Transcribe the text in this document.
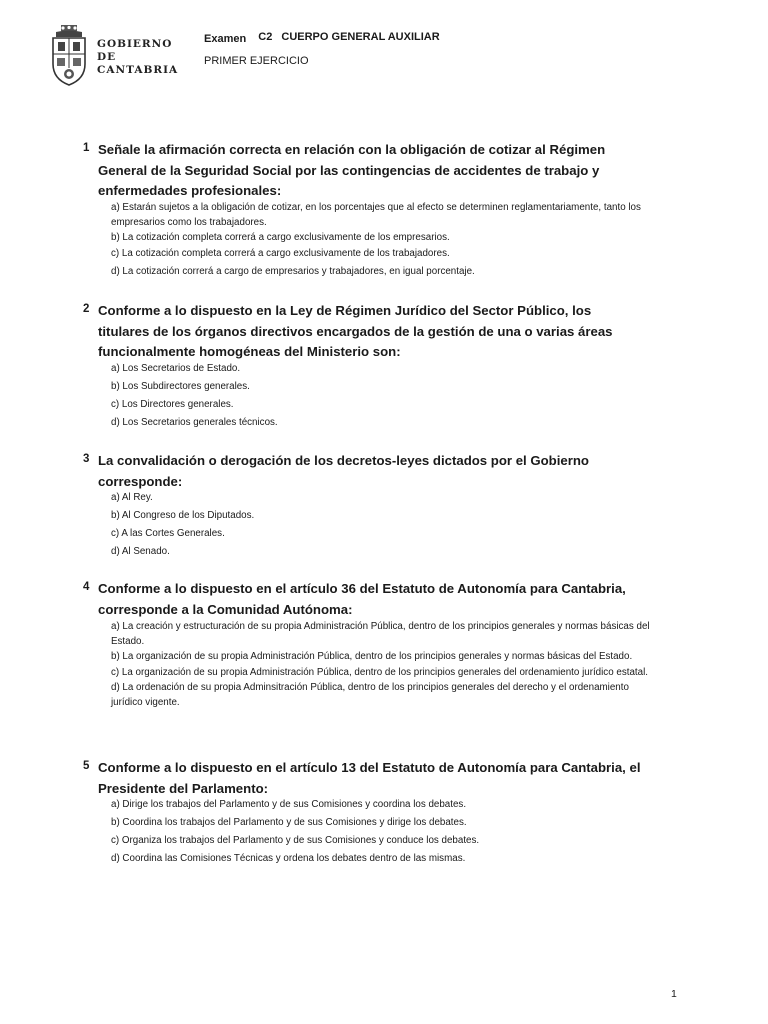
GOBIERNO
DE
CANTABRIA
Examen C2 CUERPO GENERAL AUXILIAR
PRIMER EJERCICIO
1 Señale la afirmación correcta en relación con la obligación de cotizar al Régimen General de la Seguridad Social por las contingencias de accidentes de trabajo y enfermedades profesionales:
a) Estarán sujetos a la obligación de cotizar, en los porcentajes que al efecto se determinen reglamentariamente, tanto los empresarios como los trabajadores.
b) La cotización completa correrá a cargo exclusivamente de los empresarios.
c) La cotización completa correrá a cargo exclusivamente de los trabajadores.
d) La cotización correrá a cargo de empresarios y trabajadores, en igual porcentaje.
2 Conforme a lo dispuesto en la Ley de Régimen Jurídico del Sector Público, los titulares de los órganos directivos encargados de la gestión de una o varias áreas funcionalmente homogéneas del Ministerio son:
a) Los Secretarios de Estado.
b) Los Subdirectores generales.
c) Los Directores generales.
d) Los Secretarios generales técnicos.
3 La convalidación o derogación de los decretos-leyes dictados por el Gobierno corresponde:
a) Al Rey.
b) Al Congreso de los Diputados.
c) A las Cortes Generales.
d) Al Senado.
4 Conforme a lo dispuesto en el artículo 36 del Estatuto de Autonomía para Cantabria, corresponde a la Comunidad Autónoma:
a) La creación y estructuración de su propia Administración Pública, dentro de los principios generales y normas básicas del Estado.
b) La organización de su propia Administración Pública, dentro de los principios generales y normas básicas del Estado.
c) La organización de su propia Administración Pública, dentro de los principios generales del ordenamiento jurídico estatal.
d) La ordenación de su propia Adminsitración Pública, dentro de los principios generales del derecho y el ordenamiento jurídico vigente.
5 Conforme a lo dispuesto en el artículo 13 del Estatuto de Autonomía para Cantabria, el Presidente del Parlamento:
a) Dirige los trabajos del Parlamento y de sus Comisiones y coordina los debates.
b) Coordina los trabajos del Parlamento y de sus Comisiones y dirige los debates.
c) Organiza los trabajos del Parlamento y de sus Comisiones y conduce los debates.
d) Coordina las Comisiones Técnicas y ordena los debates dentro de las mismas.
1
